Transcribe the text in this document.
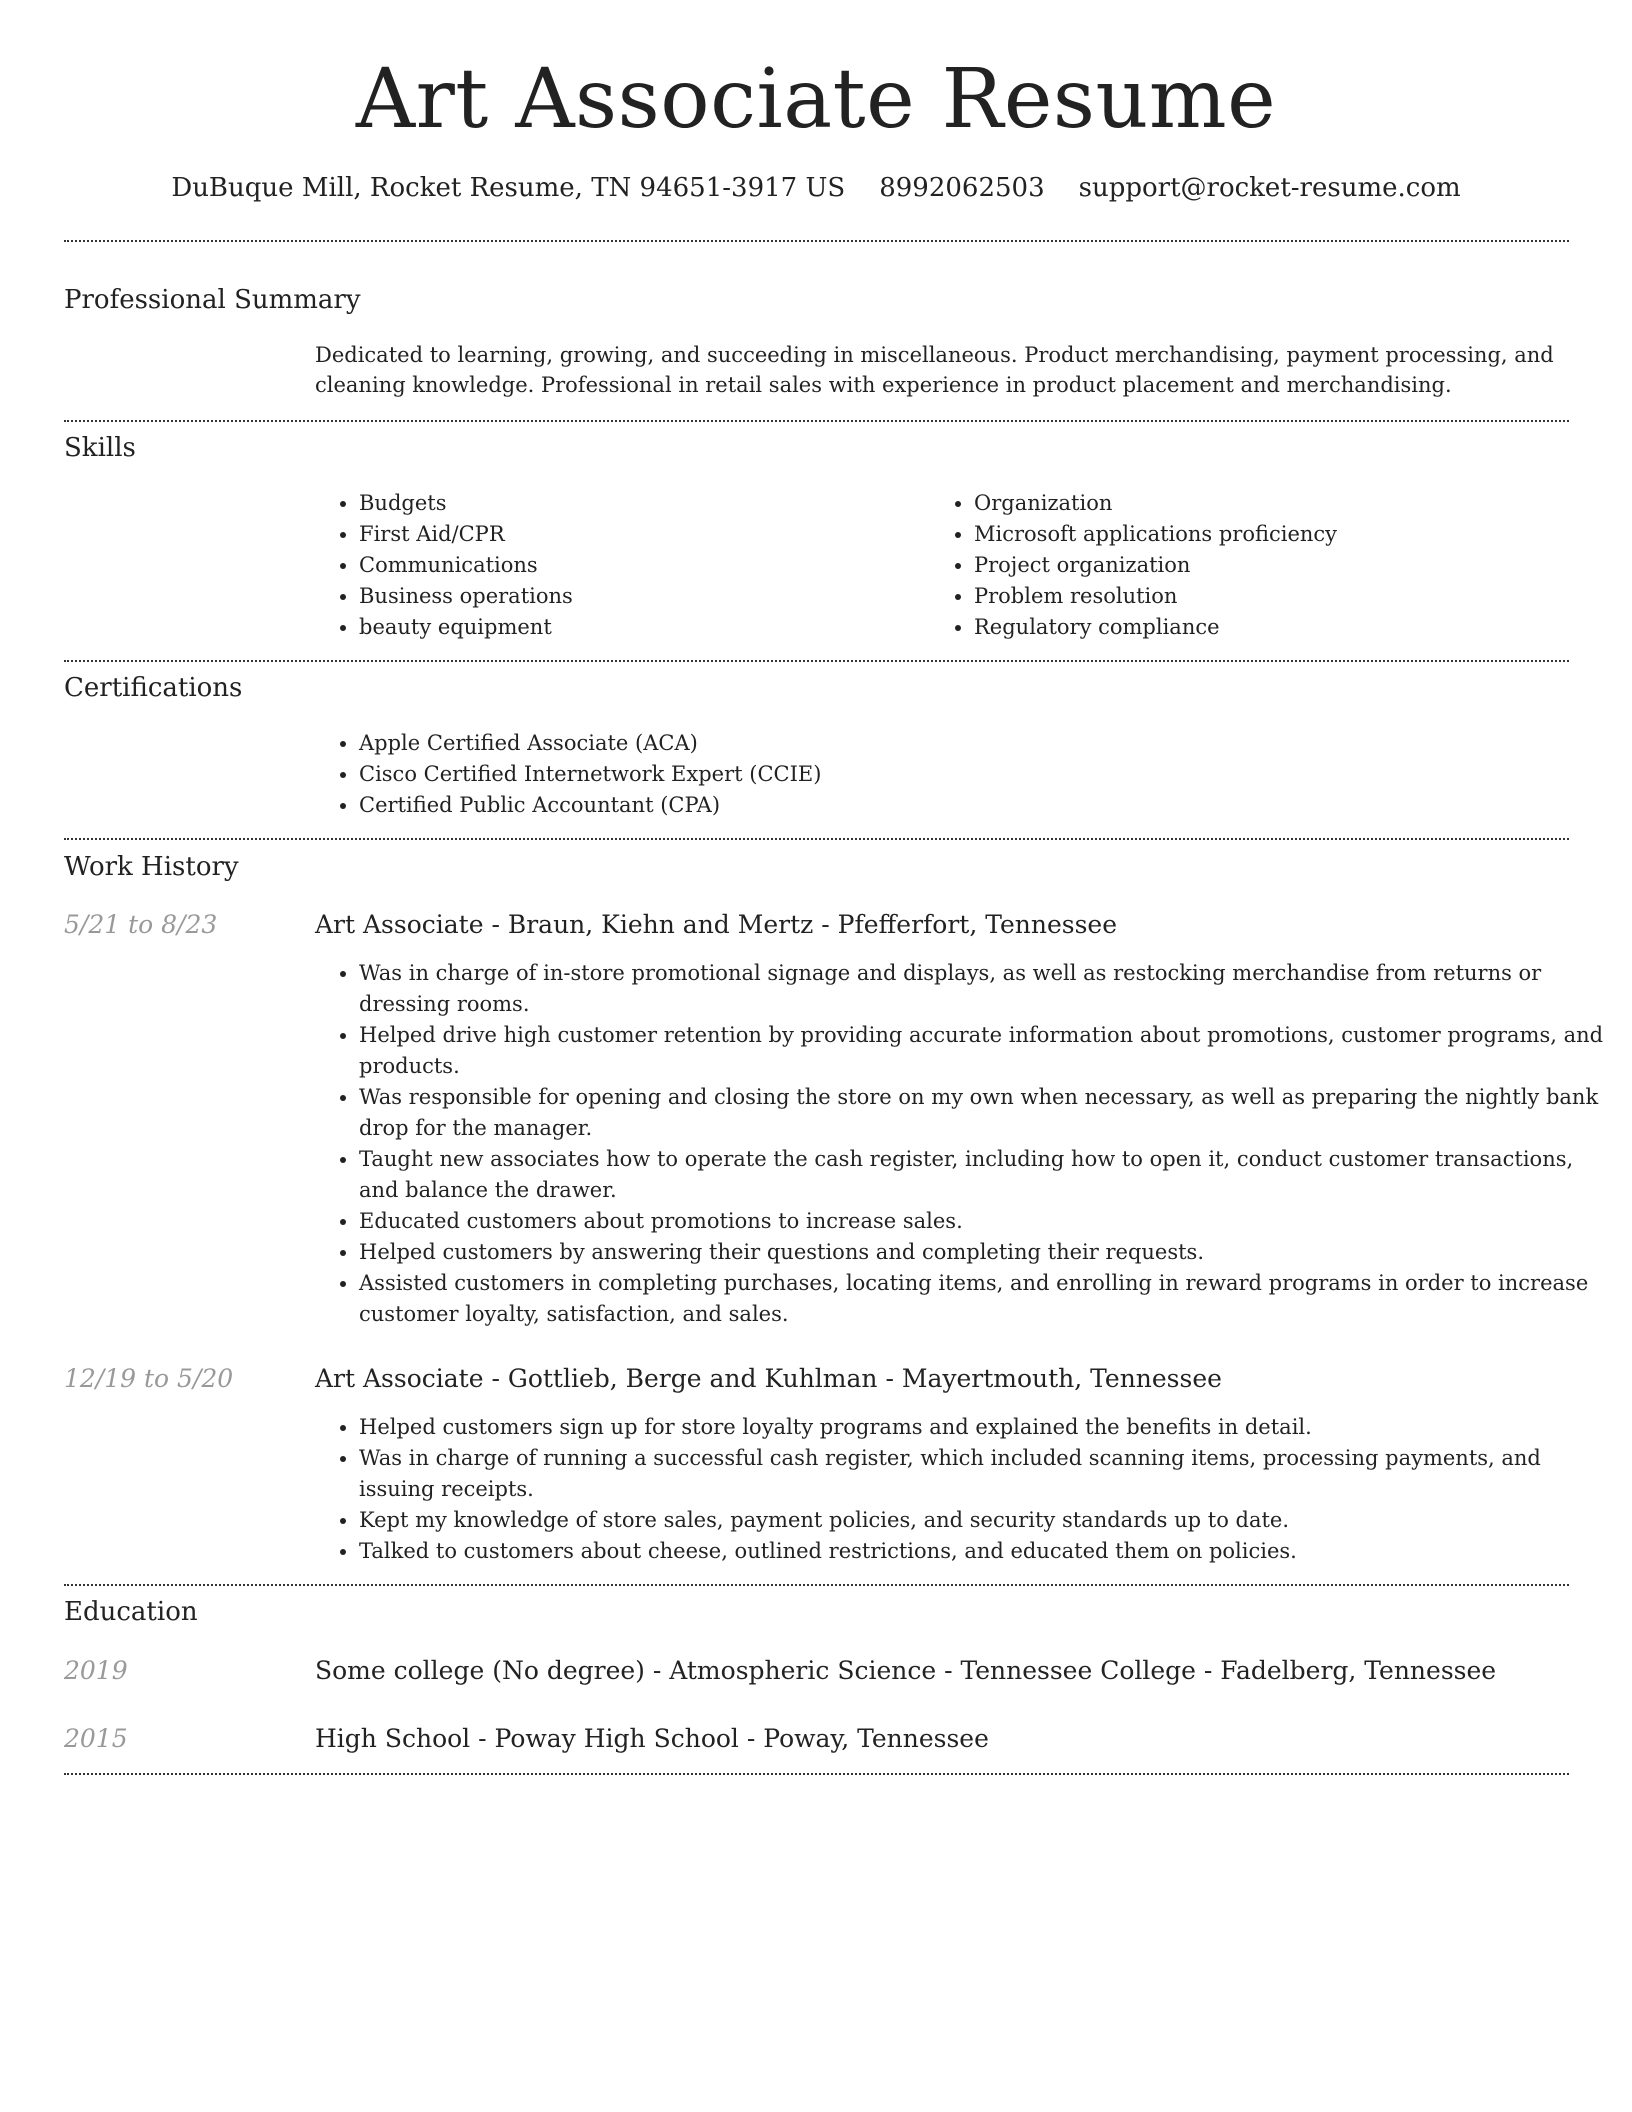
Art Associate Resume
DuBuque Mill, Rocket Resume, TN 94651-3917 US 8992062503 support@rocket-resume.com
Professional Summary

Dedicated to learning, growing, and succeeding in miscellaneous. Product merchandising, payment processing, and cleaning knowledge. Professional in retail sales with experience in product placement and merchandising.

Skills
• Budgets
• First Aid/CPR
• Communications
• Business operations
• beauty equipment
• Organization
• Microsoft applications proficiency
• Project organization
• Problem resolution
• Regulatory compliance
Certifications
• Apple Certified Associate (ACA)
• Cisco Certified Internetwork Expert (CCIE)
• Certified Public Accountant (CPA)
Work History
5/21 to 8/23	Art Associate - Braun, Kiehn and Mertz - Pfefferfort, Tennessee
• Was in charge of in-store promotional signage and displays, as well as restocking merchandise from returns or dressing rooms.
• Helped drive high customer retention by providing accurate information about promotions, customer programs, and products.
• Was responsible for opening and closing the store on my own when necessary, as well as preparing the nightly bank drop for the manager.
• Taught new associates how to operate the cash register, including how to open it, conduct customer transactions, and balance the drawer.
• Educated customers about promotions to increase sales.
• Helped customers by answering their questions and completing their requests.
• Assisted customers in completing purchases, locating items, and enrolling in reward programs in order to increase customer loyalty, satisfaction, and sales.
12/19 to 5/20	Art Associate - Gottlieb, Berge and Kuhlman - Mayertmouth, Tennessee
• Helped customers sign up for store loyalty programs and explained the benefits in detail.
• Was in charge of running a successful cash register, which included scanning items, processing payments, and issuing receipts.
• Kept my knowledge of store sales, payment policies, and security standards up to date.
• Talked to customers about cheese, outlined restrictions, and educated them on policies.
Education
2019	Some college (No degree) - Atmospheric Science - Tennessee College - Fadelberg, Tennessee
2015	High School - Poway High School - Poway, Tennessee
